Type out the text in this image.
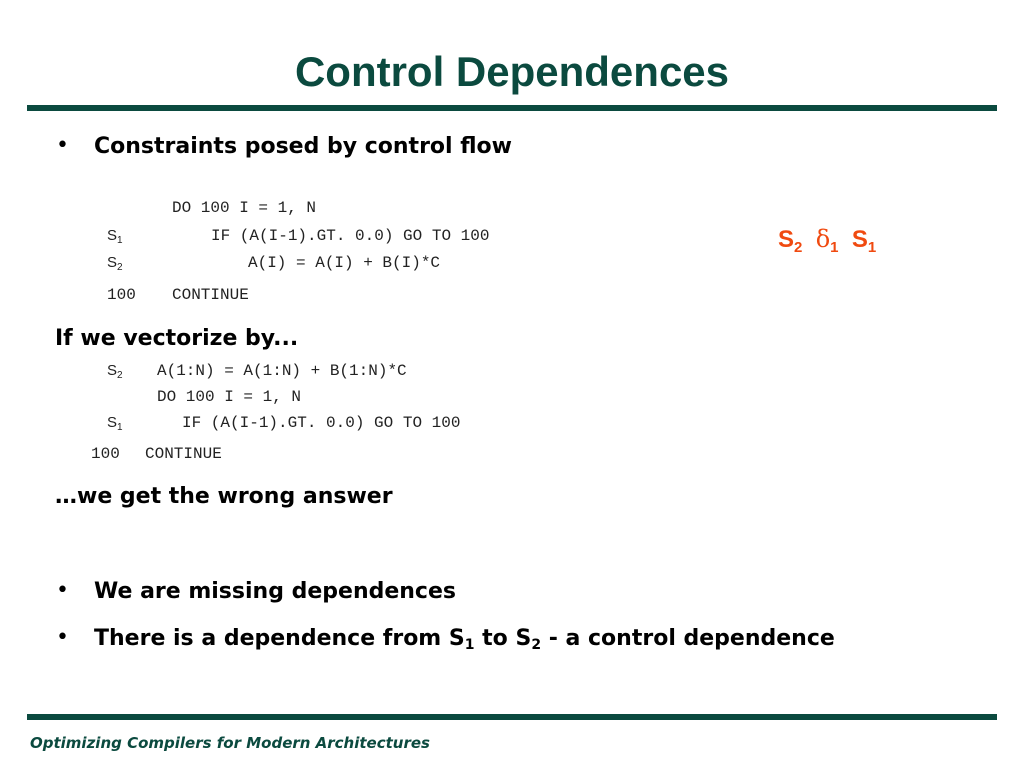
Control Dependences
• Constraints posed by control flow
DO 100 I = 1, N
$S_1$	IF (A(I-1).GT. 0.0) GO TO 100
$S_2$	A(I) = A(I) + B(I)*C
100 CONTINUE
$S_2$ $\delta_1$ $S_1$
If we vectorize by...
$S_2$ A(1:N) = A(1:N) + B(1:N)*C
DO 100 I = 1, N
$S_1$	IF (A(I-1).GT. 0.0) GO TO 100
100 CONTINUE
…we get the wrong answer
• We are missing dependences
• There is a dependence from $S_1$ to $S_2$ - a control dependence
Optimizing Compilers for Modern Architectures
